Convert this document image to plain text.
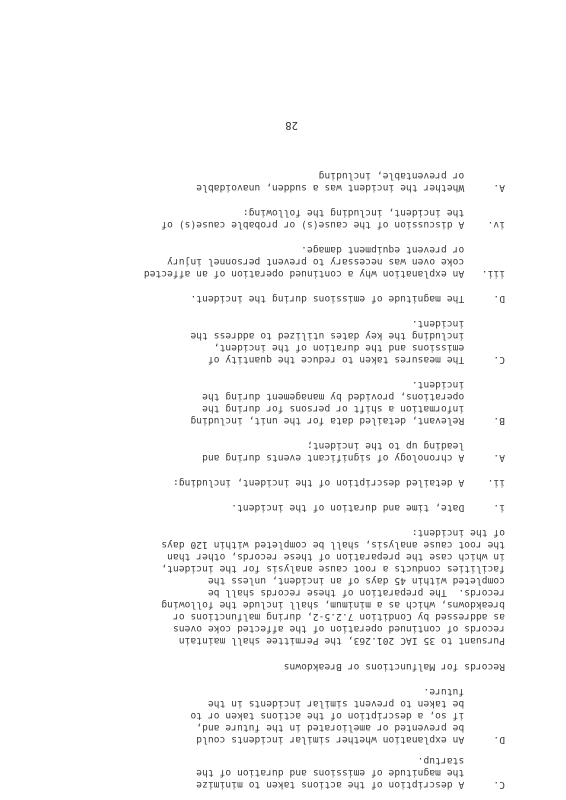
C.     A description of the actions taken to minimize
the magnitude of emissions and duration of the
startup.
D.     An explanation whether similar incidents could
be prevented or ameliorated in the future and,
if so, a description of the actions taken or to
be taken to prevent similar incidents in the
future.
Records for Malfunctions or Breakdowns
Pursuant to 35 IAC 201.263, the Permittee shall maintain
records of continued operation of the affected coke ovens
as addressed by Condition 7.2.5-2, during malfunctions or
breakdowns, which as a minimum, shall include the following
records.  The preparation of these records shall be
completed within 45 days of an incident, unless the
facilities conducts a root cause analysis for the incident,
in which case the preparation of these records, other than
the root cause analysis, shall be completed within 120 days
of the incident:
i.     Date, time and duration of the incident.
ii.    A detailed description of the incident, including:
A.     A chronology of significant events during and
leading up to the incident;
B.     Relevant, detailed data for the unit, including
information a shift or persons for during the
operations, provided by management during the
incident.
C.     The measures taken to reduce the quantity of
emissions and the duration of the incident,
including the key dates utilized to address the
incident.
D.     The magnitude of emissions during the incident.
iii.   An explanation why a continued operation of an affected
coke oven was necessary to prevent personnel injury
or prevent equipment damage.
iv.    A discussion of the cause(s) or probable cause(s) of
the incident, including the following:
A.     Whether the incident was a sudden, unavoidable
or preventable, including
28
